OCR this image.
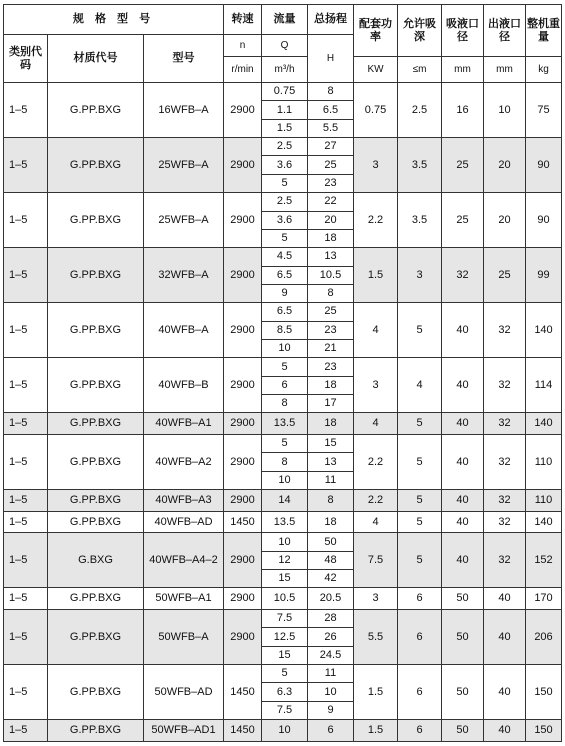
规 格 型 号			转速	流量	总扬程	配套功率	允许吸深	吸液口径	出液口径	整机重量
类别代码	材质代号	型号	n	Q	H					
			r/min	m³/h		KW	≤m	mm	mm	kg
1–5	G.PP.BXG	16WFB–A	2900	0.75	8	0.75	2.5	16	10	75
				1.1	6.5					
				1.5	5.5					
1–5	G.PP.BXG	25WFB–A	2900	2.5	27	3	3.5	25	20	90
				3.6	25					
				5	23					
1–5	G.PP.BXG	25WFB–A	2900	2.5	22	2.2	3.5	25	20	90
				3.6	20					
				5	18					
1–5	G.PP.BXG	32WFB–A	2900	4.5	13	1.5	3	32	25	99
				6.5	10.5					
				9	8					
1–5	G.PP.BXG	40WFB–A	2900	6.5	25	4	5	40	32	140
				8.5	23					
				10	21					
1–5	G.PP.BXG	40WFB–B	2900	5	23	3	4	40	32	114
				6	18					
				8	17					
1–5	G.PP.BXG	40WFB–A1	2900	13.5	18	4	5	40	32	140
1–5	G.PP.BXG	40WFB–A2	2900	5	15	2.2	5	40	32	110
				8	13					
				10	11					
1–5	G.PP.BXG	40WFB–A3	2900	14	8	2.2	5	40	32	110
1–5	G.PP.BXG	40WFB–AD	1450	13.5	18	4	5	40	32	140
1–5	G.BXG	40WFB–A4–2	2900	10	50	7.5	5	40	32	152
				12	48					
				15	42					
1–5	G.PP.BXG	50WFB–A1	2900	10.5	20.5	3	6	50	40	170
1–5	G.PP.BXG	50WFB–A	2900	7.5	28	5.5	6	50	40	206
				12.5	26					
				15	24.5					
1–5	G.PP.BXG	50WFB–AD	1450	5	11	1.5	6	50	40	150
				6.3	10					
				7.5	9					
1–5	G.PP.BXG	50WFB–AD1	1450	10	6	1.5	6	50	40	150
